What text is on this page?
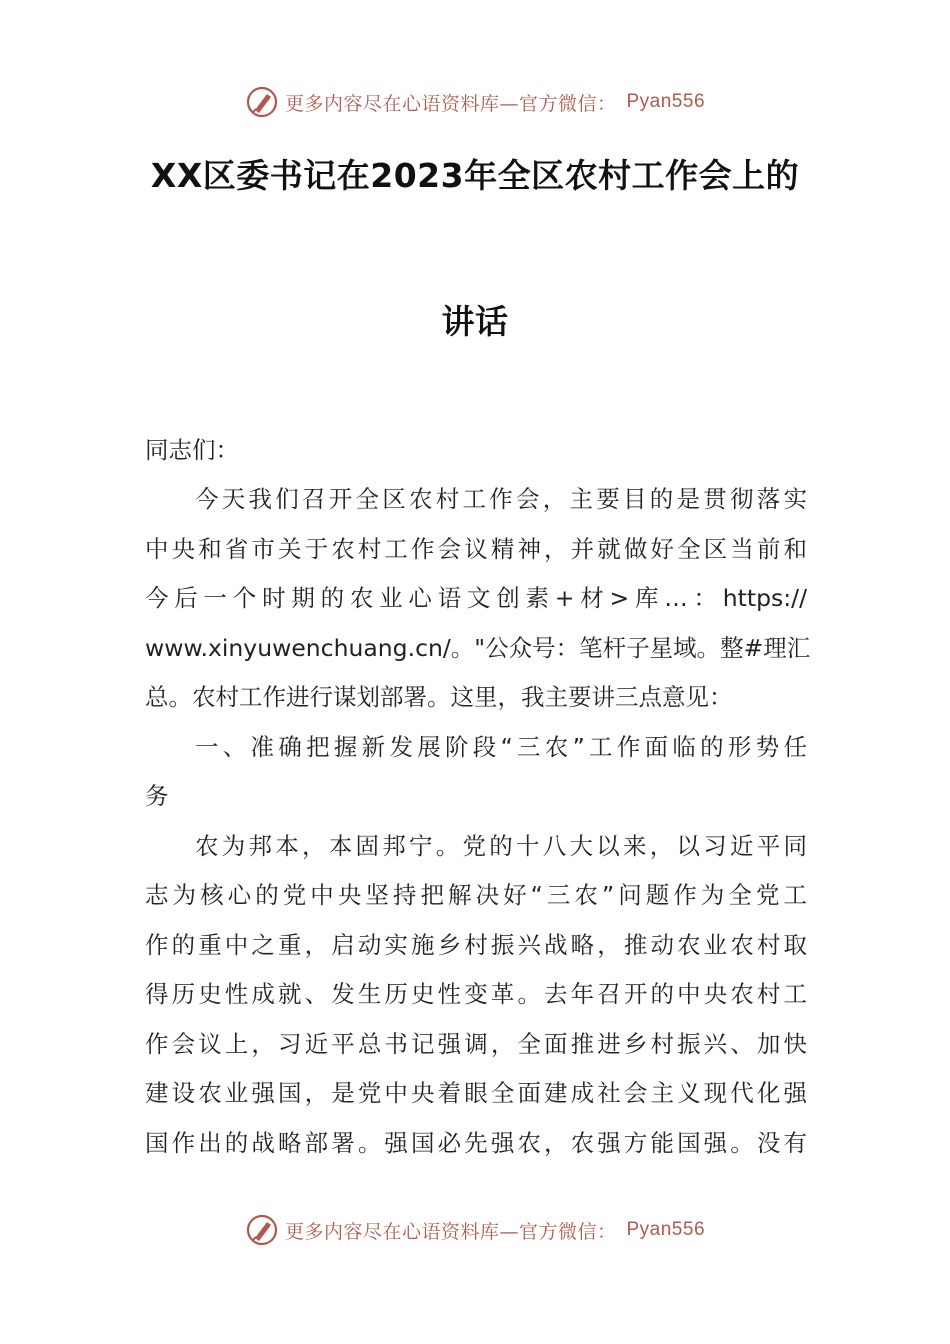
更多内容尽在心语资料库—官方微信： Pyan556
XX区委书记在2023年全区农村工作会上的
讲话
同志们：
今天我们召开全区农村工作会，主要目的是贯彻落实
中央和省市关于农村工作会议精神，并就做好全区当前和
今后一个时期的农业心语文创素+材>库…：https://
www.xinyuwenchuang.cn/。"公众号：笔杆子星域。整#理汇
总。农村工作进行谋划部署。这里，我主要讲三点意见：
一、准确把握新发展阶段“三农”工作面临的形势任
务
农为邦本，本固邦宁。党的十八大以来，以习近平同
志为核心的党中央坚持把解决好“三农”问题作为全党工
作的重中之重，启动实施乡村振兴战略，推动农业农村取
得历史性成就、发生历史性变革。去年召开的中央农村工
作会议上，习近平总书记强调，全面推进乡村振兴、加快
建设农业强国，是党中央着眼全面建成社会主义现代化强
国作出的战略部署。强国必先强农，农强方能国强。没有
更多内容尽在心语资料库—官方微信： Pyan556
